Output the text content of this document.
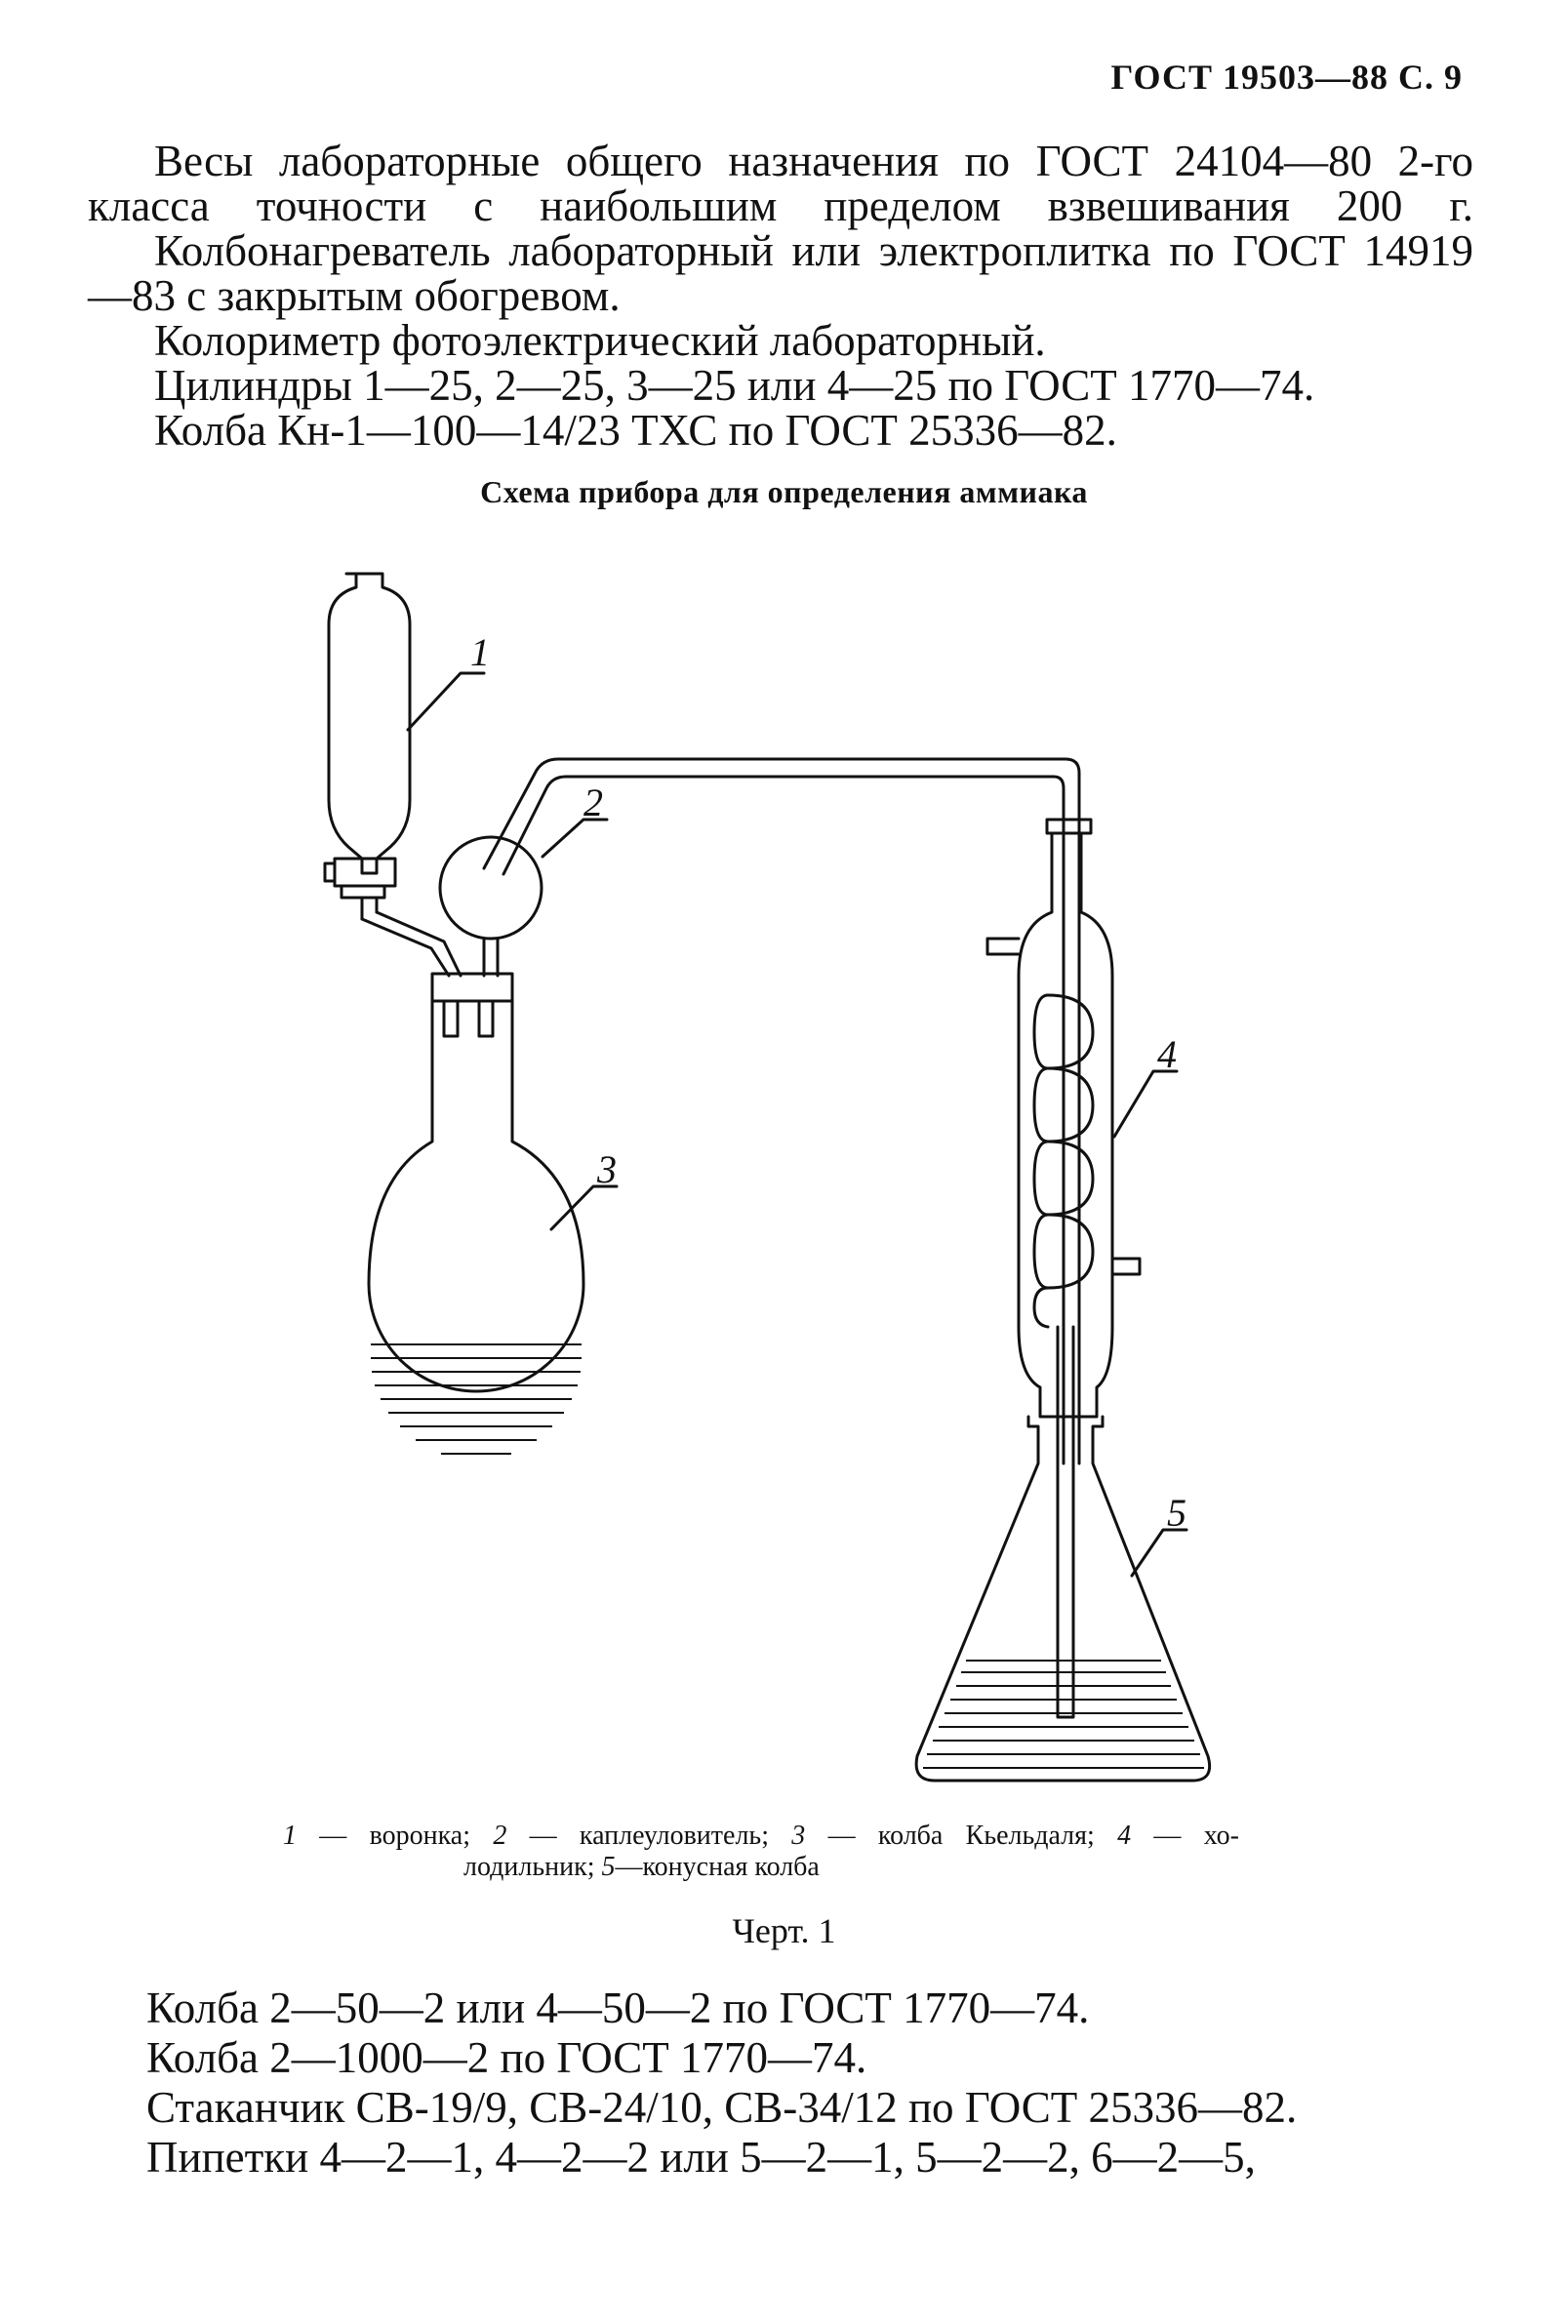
ГОСТ 19503—88 С. 9

Весы лабораторные общего назначения по ГОСТ 24104—80 2-го класса точности с наибольшим пределом взвешивания 200 г.

Колбонагреватель лабораторный или электроплитка по ГОСТ 14919—83 с закрытым обогревом.

Колориметр фотоэлектрический лабораторный.

Цилиндры 1—25, 2—25, 3—25 или 4—25 по ГОСТ 1770—74.

Колба Кн-1—100—14/23 ТХС по ГОСТ 25336—82.

Схема прибора для определения аммиака
1
2
3
4
5
1 — воронка; 2 — каплеуловитель; 3 — колба Кьельдаля; 4 — хо-
лодильник; 5—конусная колба
Черт. 1

Колба 2—50—2 или 4—50—2 по ГОСТ 1770—74.

Колба 2—1000—2 по ГОСТ 1770—74.

Стаканчик СВ-19/9, СВ-24/10, СВ-34/12 по ГОСТ 25336—82.

Пипетки 4—2—1, 4—2—2 или 5—2—1, 5—2—2, 6—2—5,
